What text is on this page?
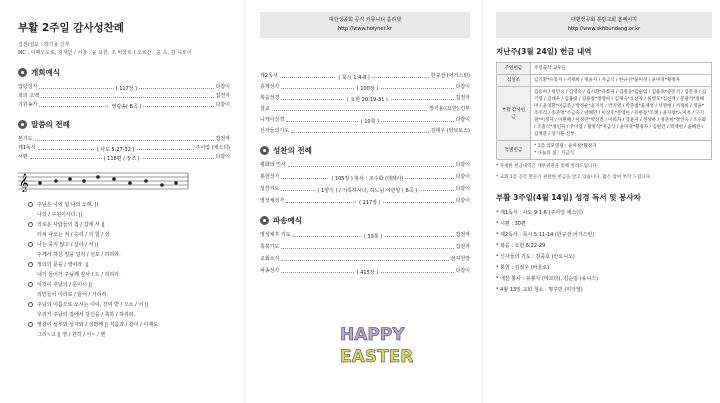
부활 2주일 감사성찬례
집전/설교 : 장기용 신부
MC : 이때오도로, 김재민 / 서창 : 윤 요한, 조 바울로 / 오르간 : 윤 옥, 김 니모이
개회예식
입당성가	( 117장 )	다같이
죄의 고백	집전자
기원송가	영광송( B곡 )	다같이
말씀의 전례
본기도	집전자
제1독서	( 사도 5:27-32 )	주이업 (에스더)
시편	( 118편 / 장조 )	다같이
𝄞
주님은 나의 힘 나의 노래. ||
나의 / 구원이시다. ||
의로운 사람들의 집 / 집에 서 ||
터져 나오는 저 / 승리 / 의 함 / 성
나는 죽지 않고 / 살아 / 서 ||
주께서 하신 일을 널리 / 선포 / 하리라.
정의의 문을 / 열어라. ||
내가 들어가 주님께 감사 / 드 / 리리라.
이것이 주님의 / 문이시 ||
의인들이 이리로 / 들어 / 가리라.
주님의 이름으로 오시는 이여, 찬미 받 / 으소 / 서 ||
우리가 주님의 집에서 당신을 / 축하 / 하리라.
영광이 성부와 성자와 / 성령께 || 처음과 / 같이 / 이제도
그리~고 || 영 / 원히 / 아~ / 멘
대한성공회 공식 커뮤니티 홀리넷
http://www.holynet.kr
제2독서	( 묵시 1:4-8 )	한규선 (어거스틴)
층계성가	( 100장 )	다같이
복음성경	( 요한 20:19-31 )	집전자
설교	장기용 (요한) 신부
니케아신경	( 10쪽 )	다같이
신자들의기도	김태우 (암브로스)
성찬의 전례
평화의 인사	다같이
봉헌성가	( 105장 ) 봉사 : 조수화 (데레사)	다같이
성찬기도	( 1양식 ) / 거룩하시다, 하느님 어린양 ( B곡 )	다같이
영성체성가	( 217장 )	다같이
파송예식
영성체후 기도	( 33쪽 )	집전자
축복기도	집전자
교회소식	선지원장
파송성가	( 415장 )	다같이
HAPPY
EASTER
대한성공회 분당교회 홈페이지
http://www.skhbundang.or.kr
지난주(3월 24일) 헌금 내역
주일헌금	주일출석 교우들
십일조	김기환*유봉자 / 서재희 / 정윤자 / 지금식 / 한규선*윤미경 / 윤미경*황정자
부활 감사헌금	김승희 / 곽민숙 / 김영숙 / 김기환*유봉자 / 김정웅*김순임 / 김용호*송민석 / 김문경 / 김기영 / 김대우 / 김용대 / 김용창*정영아 / 김재숙*오산자 / 류영호*김선재 / 문광석*정해미 / 윤영환*이금분 / 박경순*윤지석 / 박지영 / 박준범*윤재성 / 서영애 / 서재희 / 정윤*조주리 / 송준영*조금숙 / 양해민 / 이상호*문영이 / 유한동*조쟁 / 윤지창*노미옥 / 구기철*이경자 / 이원혜 / 이정란*박선진 / 이희자 / 장윤자 / 정상하 / 정준희*정연숙 / 조수화 / 조충식*정인자 / 주이업 / 황정식*지금식 / 윤미경*황정자 / 김현진 / 박재현 / 윤해진 / 김영준 / 장기용 신부
특별헌금	* 1층 리모델링 : 윤미경*황정자
* 나눔의 집 : 지금식
* 자세한 헌금내역은 재무위원을 통해 알려드립니다.
* 교회 1층 공간 만들기 관련한 헌금을 받고 있습니다. 많은 참여 부탁 드립니다.
부활 3주일(4월 14일) 성경 독서 및 봉사자
* 제1독서 : 사도 9:1-6 (주이업 에스더)
* 시편 : 30편
* 제2독서 : 묵시 5:11-14 (한규선 어거스틴)
* 복음 : 요한 6:22-29
* 신자들의 기도 : 김종호 (안토니오)
* 봉헌 : 김석우 (바울로)
* 애찬 봉사 : 유봉자 (마르타), 김순임 (유니스)
* 4월 13일 교회 청소 : 명주민 (미가엘)
